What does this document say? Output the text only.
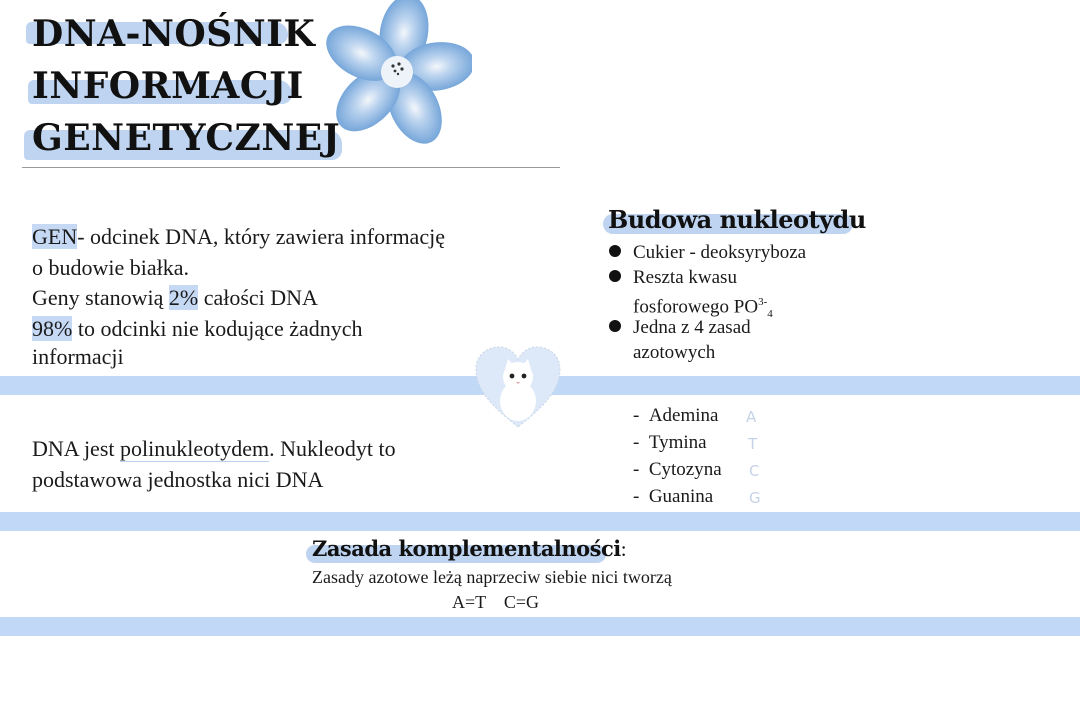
DNA-NOŚNIK
INFORMACJI
GENETYCZNEJ
GEN- odcinek DNA, który zawiera informację
o budowie białka.
Geny stanowią 2% całości DNA
98% to odcinki nie kodujące żadnych
informacji
Budowa nukleotydu
Cukier - deoksyryboza
Reszta kwasu
fosforowego $PO^{3-}_4$
Jedna z 4 zasad
azotowych
DNA jest polinukleotydem. Nukleodyt to
podstawowa jednostka nici DNA
- Ademina A
- Tymina	T
- Cytozyna C
- Guanina G
Zasada komplementalności:
Zasady azotowe leżą naprzeciw siebie nici tworzą
A=T    C=G
